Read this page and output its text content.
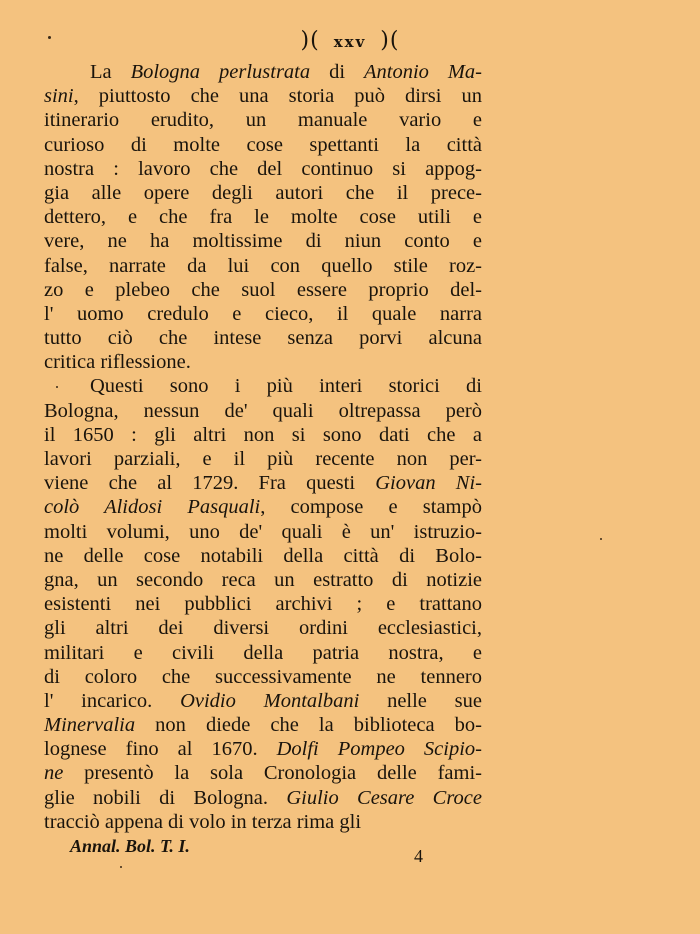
)( xxv )(
La Bologna perlustrata di Antonio Ma-
sini, piuttosto che una storia può dirsi un
itinerario erudito, un manuale vario e
curioso di molte cose spettanti la città
nostra : lavoro che del continuo si appog-
gia alle opere degli autori che il prece-
dettero, e che fra le molte cose utili e
vere, ne ha moltissime di niun conto e
false, narrate da lui con quello stile roz-
zo e plebeo che suol essere proprio del-
l' uomo credulo e cieco, il quale narra
tutto ciò che intese senza porvi alcuna
critica riflessione.
Questi sono i più interi storici di
Bologna, nessun de' quali oltrepassa però
il 1650 : gli altri non si sono dati che a
lavori parziali, e il più recente non per-
viene che al 1729. Fra questi Giovan Ni-
colò Alidosi Pasquali, compose e stampò
molti volumi, uno de' quali è un' istruzio-
ne delle cose notabili della città di Bolo-
gna, un secondo reca un estratto di notizie
esistenti nei pubblici archivi ; e trattano
gli altri dei diversi ordini ecclesiastici,
militari e civili della patria nostra, e
di coloro che successivamente ne tennero
l' incarico. Ovidio Montalbani nelle sue
Minervalia non diede che la biblioteca bo-
lognese fino al 1670. Dolfi Pompeo Scipio-
ne presentò la sola Cronologia delle fami-
glie nobili di Bologna. Giulio Cesare Croce
tracciò appena di volo in terza rima gli
Annal. Bol. T. I.	4
